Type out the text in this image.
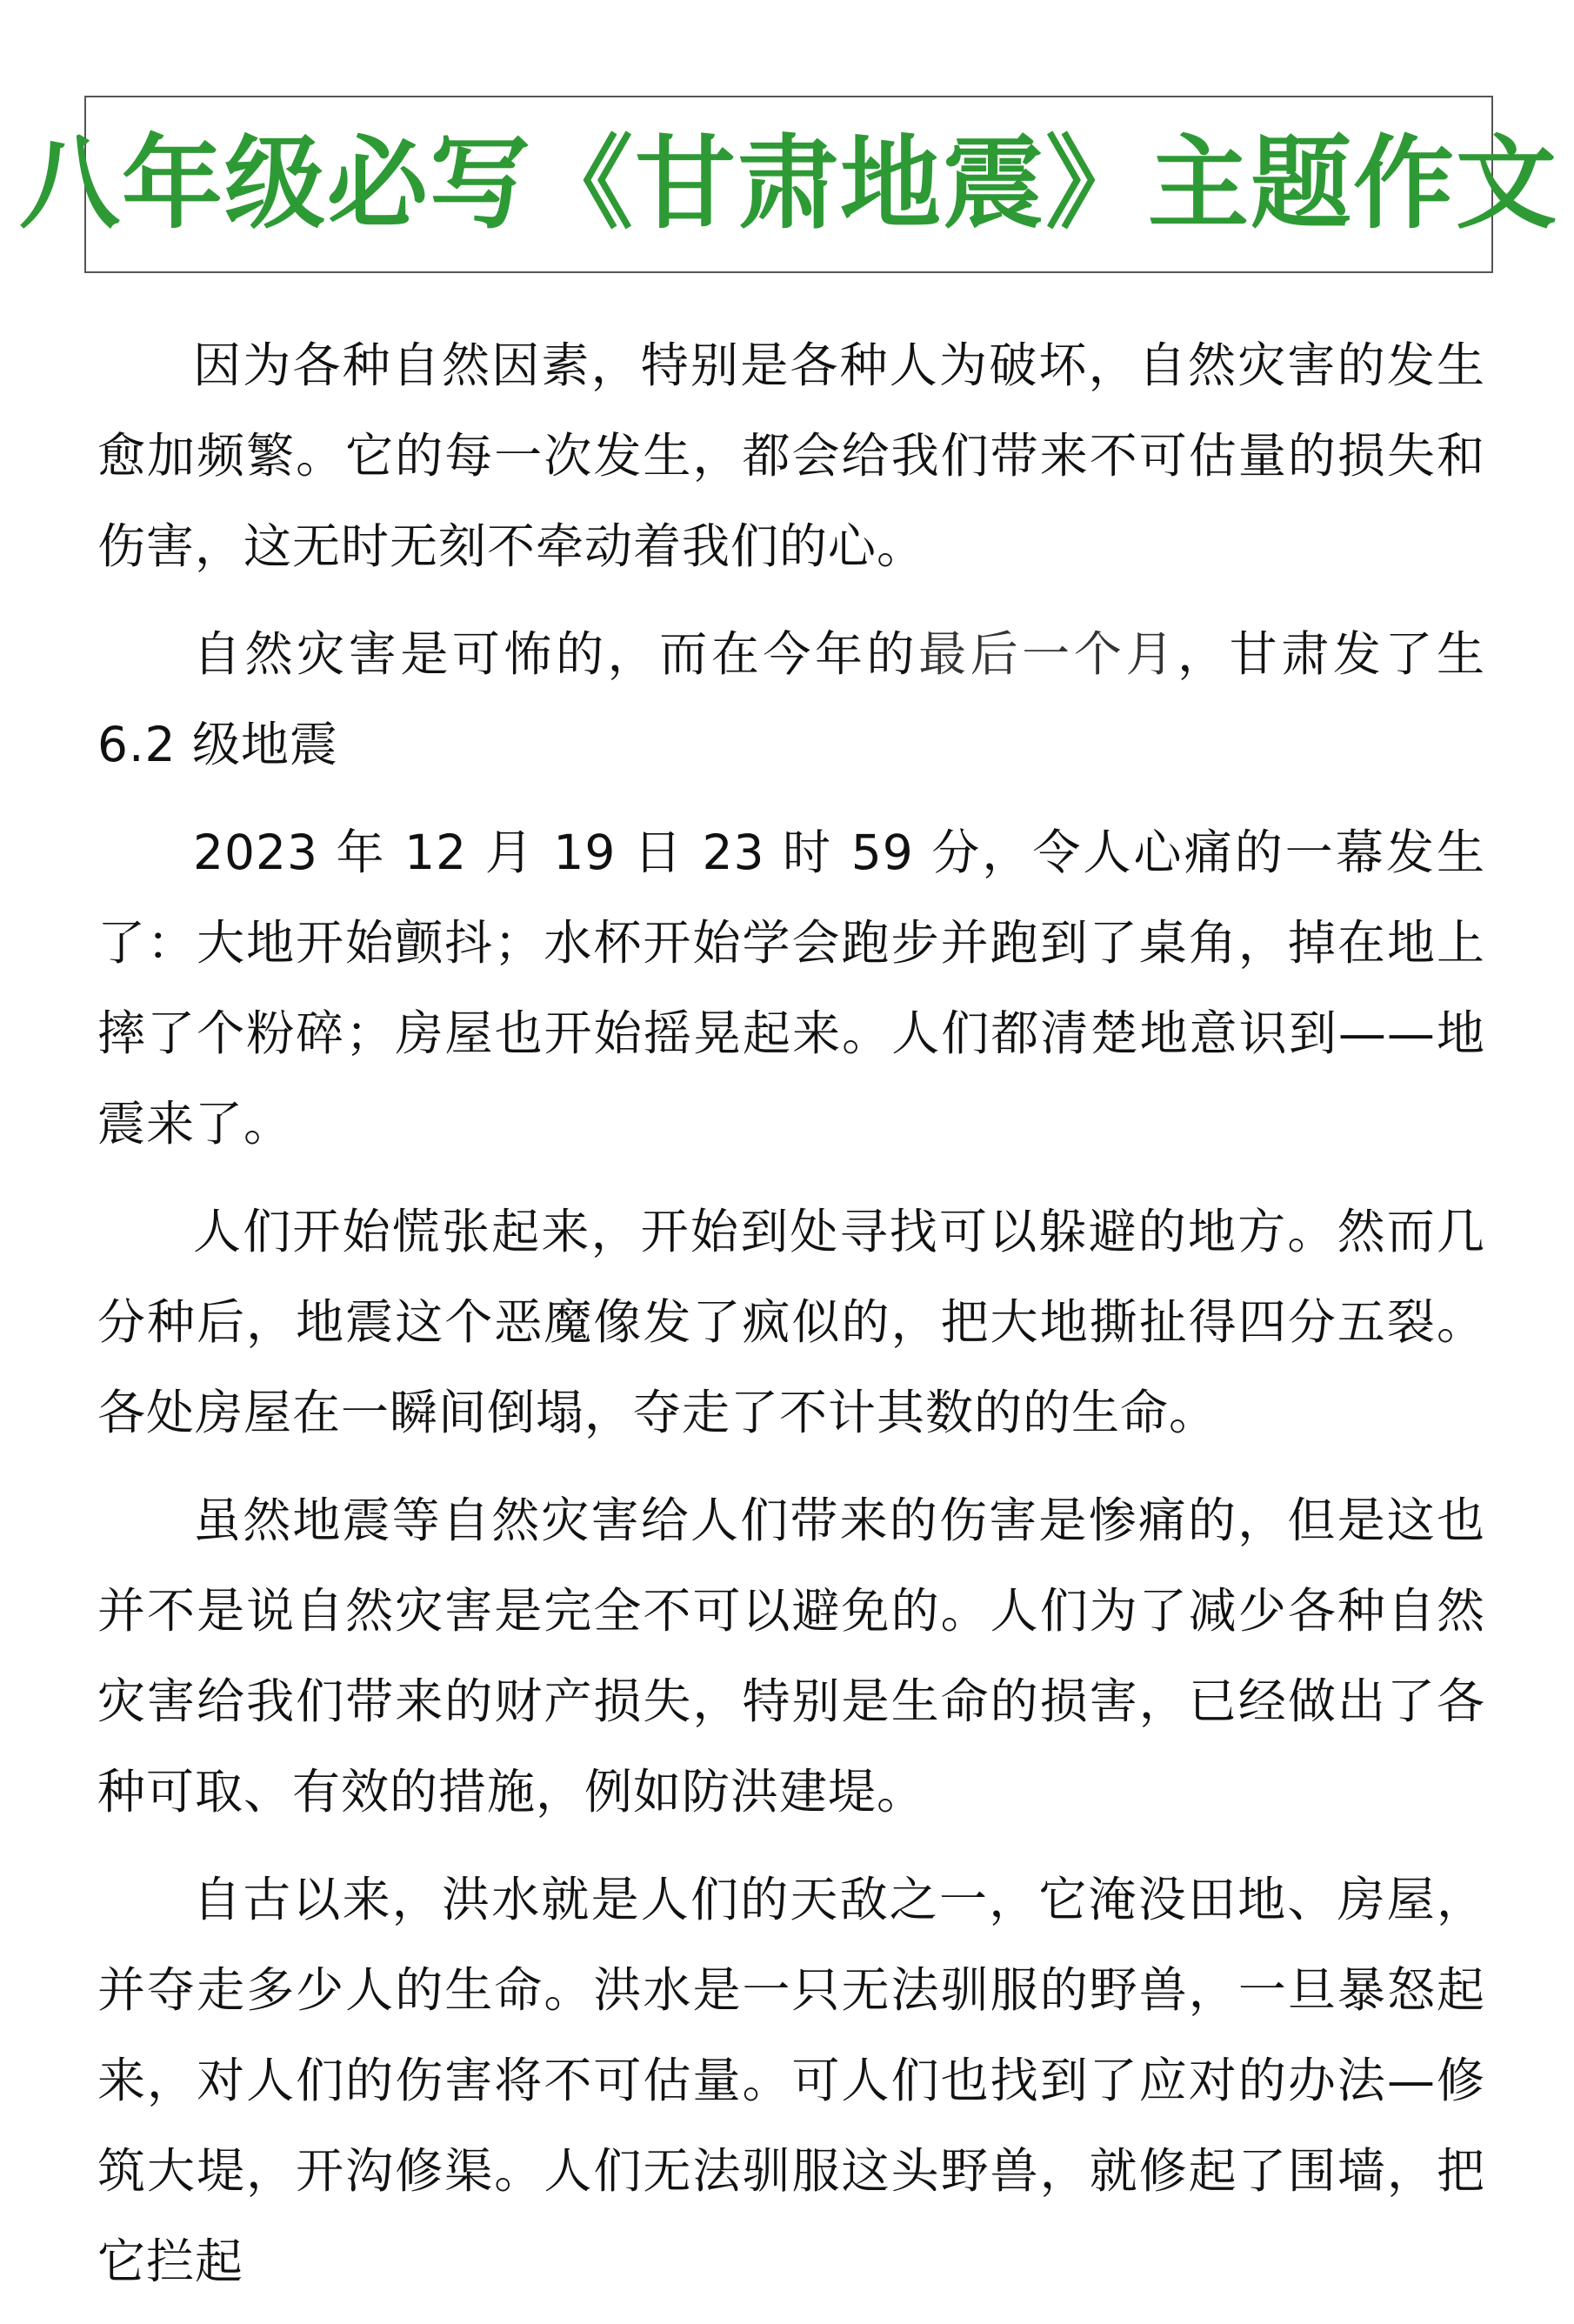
八年级必写《甘肃地震》主题作文

因为各种自然因素，特别是各种人为破坏，自然灾害的发生愈加频繁。它的每一次发生，都会给我们带来不可估量的损失和伤害，这无时无刻不牵动着我们的心。

自然灾害是可怖的，而在今年的最后一个月，甘肃发了生 6.2 级地震

2023 年 12 月 19 日 23 时 59 分，令人心痛的一幕发生了：大地开始颤抖；水杯开始学会跑步并跑到了桌角，掉在地上摔了个粉碎；房屋也开始摇晃起来。人们都清楚地意识到——地震来了。

人们开始慌张起来，开始到处寻找可以躲避的地方。然而几分种后，地震这个恶魔像发了疯似的，把大地撕扯得四分五裂。各处房屋在一瞬间倒塌，夺走了不计其数的的生命。

虽然地震等自然灾害给人们带来的伤害是惨痛的，但是这也并不是说自然灾害是完全不可以避免的。人们为了减少各种自然灾害给我们带来的财产损失，特别是生命的损害，已经做出了各种可取、有效的措施，例如防洪建堤。

自古以来，洪水就是人们的天敌之一，它淹没田地、房屋，并夺走多少人的生命。洪水是一只无法驯服的野兽，一旦暴怒起来，对人们的伤害将不可估量。可人们也找到了应对的办法—修筑大堤，开沟修渠。人们无法驯服这头野兽，就修起了围墙，把它拦起
